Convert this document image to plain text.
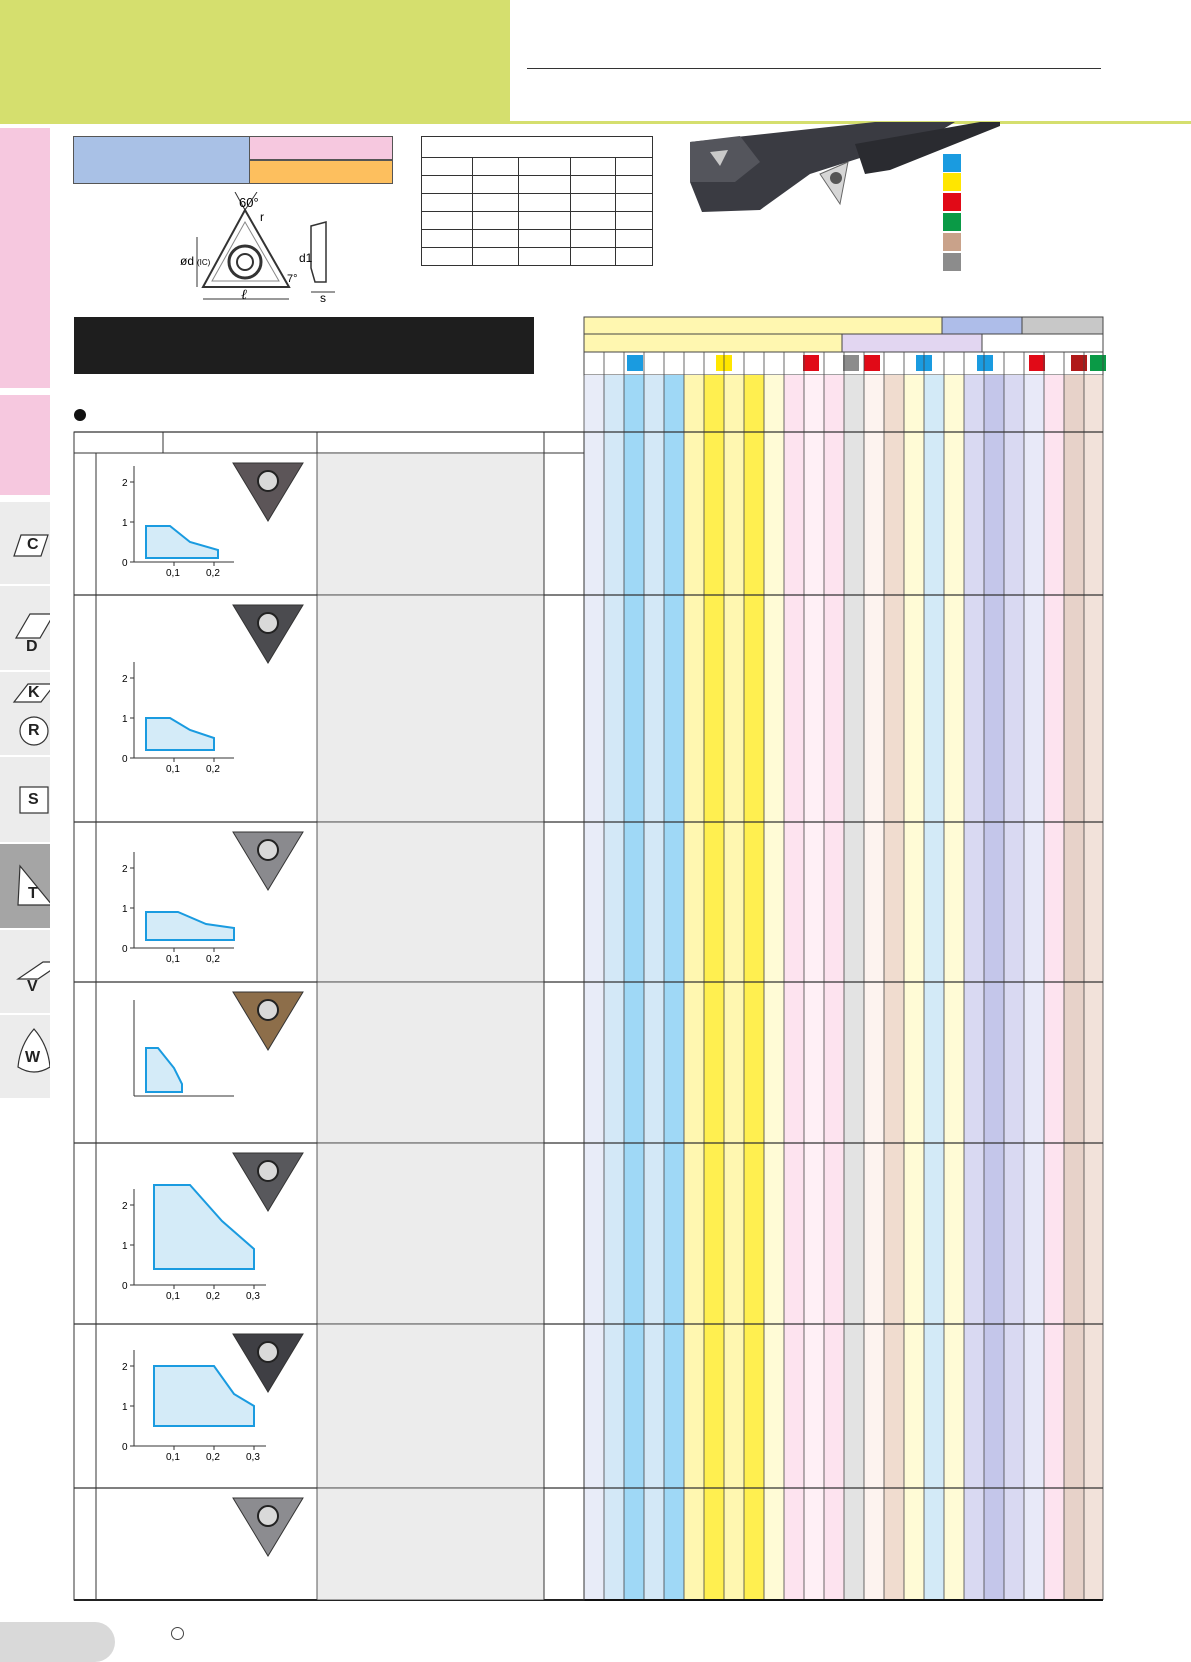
C
D
K
R
S
T
V
W
60°
r
ød (IC)
ℓ
d1
7°
s

0,1	0,2
0
1
2
0,1	0,2
0
1
2
0,1	0,2
0
1
2
0,1	0,2	0,3
0
1
2
0,1	0,2	0,3
0
1
2
